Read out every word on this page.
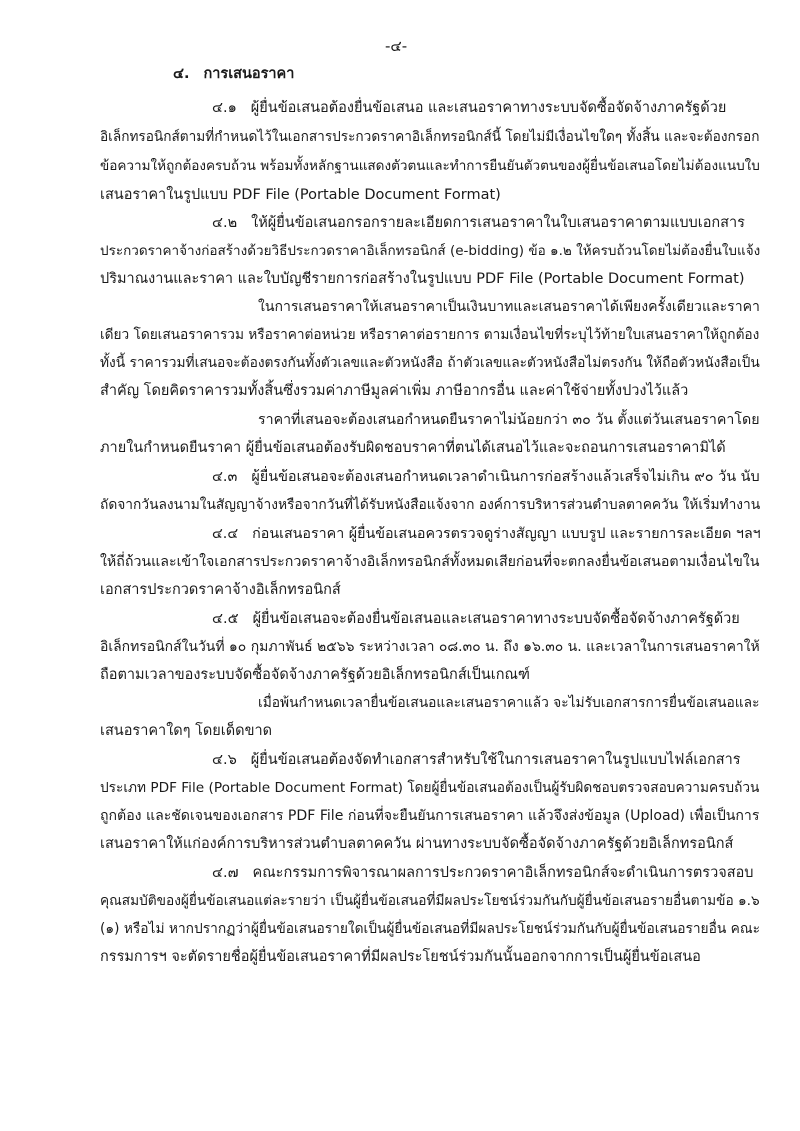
-๔-
๔. การเสนอราคา
๔.๑ ผู้ยื่นข้อเสนอต้องยื่นข้อเสนอ และเสนอราคาทางระบบจัดซื้อจัดจ้างภาครัฐด้วย
อิเล็กทรอนิกส์ตามที่กำหนดไว้ในเอกสารประกวดราคาอิเล็กทรอนิกส์นี้ โดยไม่มีเงื่อนไขใดๆ ทั้งสิ้น และจะต้องกรอก
ข้อความให้ถูกต้องครบถ้วน พร้อมทั้งหลักฐานแสดงตัวตนและทำการยืนยันตัวตนของผู้ยื่นข้อเสนอโดยไม่ต้องแนบใบ
เสนอราคาในรูปแบบ PDF File (Portable Document Format)
๔.๒ ให้ผู้ยื่นข้อเสนอกรอกรายละเอียดการเสนอราคาในใบเสนอราคาตามแบบเอกสาร
ประกวดราคาจ้างก่อสร้างด้วยวิธีประกวดราคาอิเล็กทรอนิกส์ (e-bidding) ข้อ ๑.๒ ให้ครบถ้วนโดยไม่ต้องยื่นใบแจ้ง
ปริมาณงานและราคา และใบบัญชีรายการก่อสร้างในรูปแบบ PDF File (Portable Document Format)
ในการเสนอราคาให้เสนอราคาเป็นเงินบาทและเสนอราคาได้เพียงครั้งเดียวและราคา
เดียว โดยเสนอราคารวม หรือราคาต่อหน่วย หรือราคาต่อรายการ ตามเงื่อนไขที่ระบุไว้ท้ายใบเสนอราคาให้ถูกต้อง
ทั้งนี้ ราคารวมที่เสนอจะต้องตรงกันทั้งตัวเลขและตัวหนังสือ ถ้าตัวเลขและตัวหนังสือไม่ตรงกัน ให้ถือตัวหนังสือเป็น
สำคัญ โดยคิดราคารวมทั้งสิ้นซึ่งรวมค่าภาษีมูลค่าเพิ่ม ภาษีอากรอื่น และค่าใช้จ่ายทั้งปวงไว้แล้ว
ราคาที่เสนอจะต้องเสนอกำหนดยืนราคาไม่น้อยกว่า ๓๐ วัน ตั้งแต่วันเสนอราคาโดย
ภายในกำหนดยืนราคา ผู้ยื่นข้อเสนอต้องรับผิดชอบราคาที่ตนได้เสนอไว้และจะถอนการเสนอราคามิได้
๔.๓ ผู้ยื่นข้อเสนอจะต้องเสนอกำหนดเวลาดำเนินการก่อสร้างแล้วเสร็จไม่เกิน ๙๐ วัน นับ
ถัดจากวันลงนามในสัญญาจ้างหรือจากวันที่ได้รับหนังสือแจ้งจาก องค์การบริหารส่วนตำบลตาคควัน ให้เริ่มทำงาน
๔.๔ ก่อนเสนอราคา ผู้ยื่นข้อเสนอควรตรวจดูร่างสัญญา แบบรูป และรายการละเอียด ฯลฯ
ให้ถี่ถ้วนและเข้าใจเอกสารประกวดราคาจ้างอิเล็กทรอนิกส์ทั้งหมดเสียก่อนที่จะตกลงยื่นข้อเสนอตามเงื่อนไขใน
เอกสารประกวดราคาจ้างอิเล็กทรอนิกส์
๔.๕ ผู้ยื่นข้อเสนอจะต้องยื่นข้อเสนอและเสนอราคาทางระบบจัดซื้อจัดจ้างภาครัฐด้วย
อิเล็กทรอนิกส์ในวันที่ ๑๐ กุมภาพันธ์ ๒๕๖๖ ระหว่างเวลา ๐๘.๓๐ น. ถึง ๑๖.๓๐ น. และเวลาในการเสนอราคาให้
ถือตามเวลาของระบบจัดซื้อจัดจ้างภาครัฐด้วยอิเล็กทรอนิกส์เป็นเกณฑ์
เมื่อพ้นกำหนดเวลายื่นข้อเสนอและเสนอราคาแล้ว จะไม่รับเอกสารการยื่นข้อเสนอและ
เสนอราคาใดๆ โดยเด็ดขาด
๔.๖ ผู้ยื่นข้อเสนอต้องจัดทำเอกสารสำหรับใช้ในการเสนอราคาในรูปแบบไฟล์เอกสาร
ประเภท PDF File (Portable Document Format) โดยผู้ยื่นข้อเสนอต้องเป็นผู้รับผิดชอบตรวจสอบความครบถ้วน
ถูกต้อง และชัดเจนของเอกสาร PDF File ก่อนที่จะยืนยันการเสนอราคา แล้วจึงส่งข้อมูล (Upload) เพื่อเป็นการ
เสนอราคาให้แก่องค์การบริหารส่วนตำบลตาคควัน ผ่านทางระบบจัดซื้อจัดจ้างภาครัฐด้วยอิเล็กทรอนิกส์
๔.๗ คณะกรรมการพิจารณาผลการประกวดราคาอิเล็กทรอนิกส์จะดำเนินการตรวจสอบ
คุณสมบัติของผู้ยื่นข้อเสนอแต่ละรายว่า เป็นผู้ยื่นข้อเสนอที่มีผลประโยชน์ร่วมกันกับผู้ยื่นข้อเสนอรายอื่นตามข้อ ๑.๖
(๑) หรือไม่ หากปรากฏว่าผู้ยื่นข้อเสนอรายใดเป็นผู้ยื่นข้อเสนอที่มีผลประโยชน์ร่วมกันกับผู้ยื่นข้อเสนอรายอื่น คณะ
กรรมการฯ จะตัดรายชื่อผู้ยื่นข้อเสนอราคาที่มีผลประโยชน์ร่วมกันนั้นออกจากการเป็นผู้ยื่นข้อเสนอ
